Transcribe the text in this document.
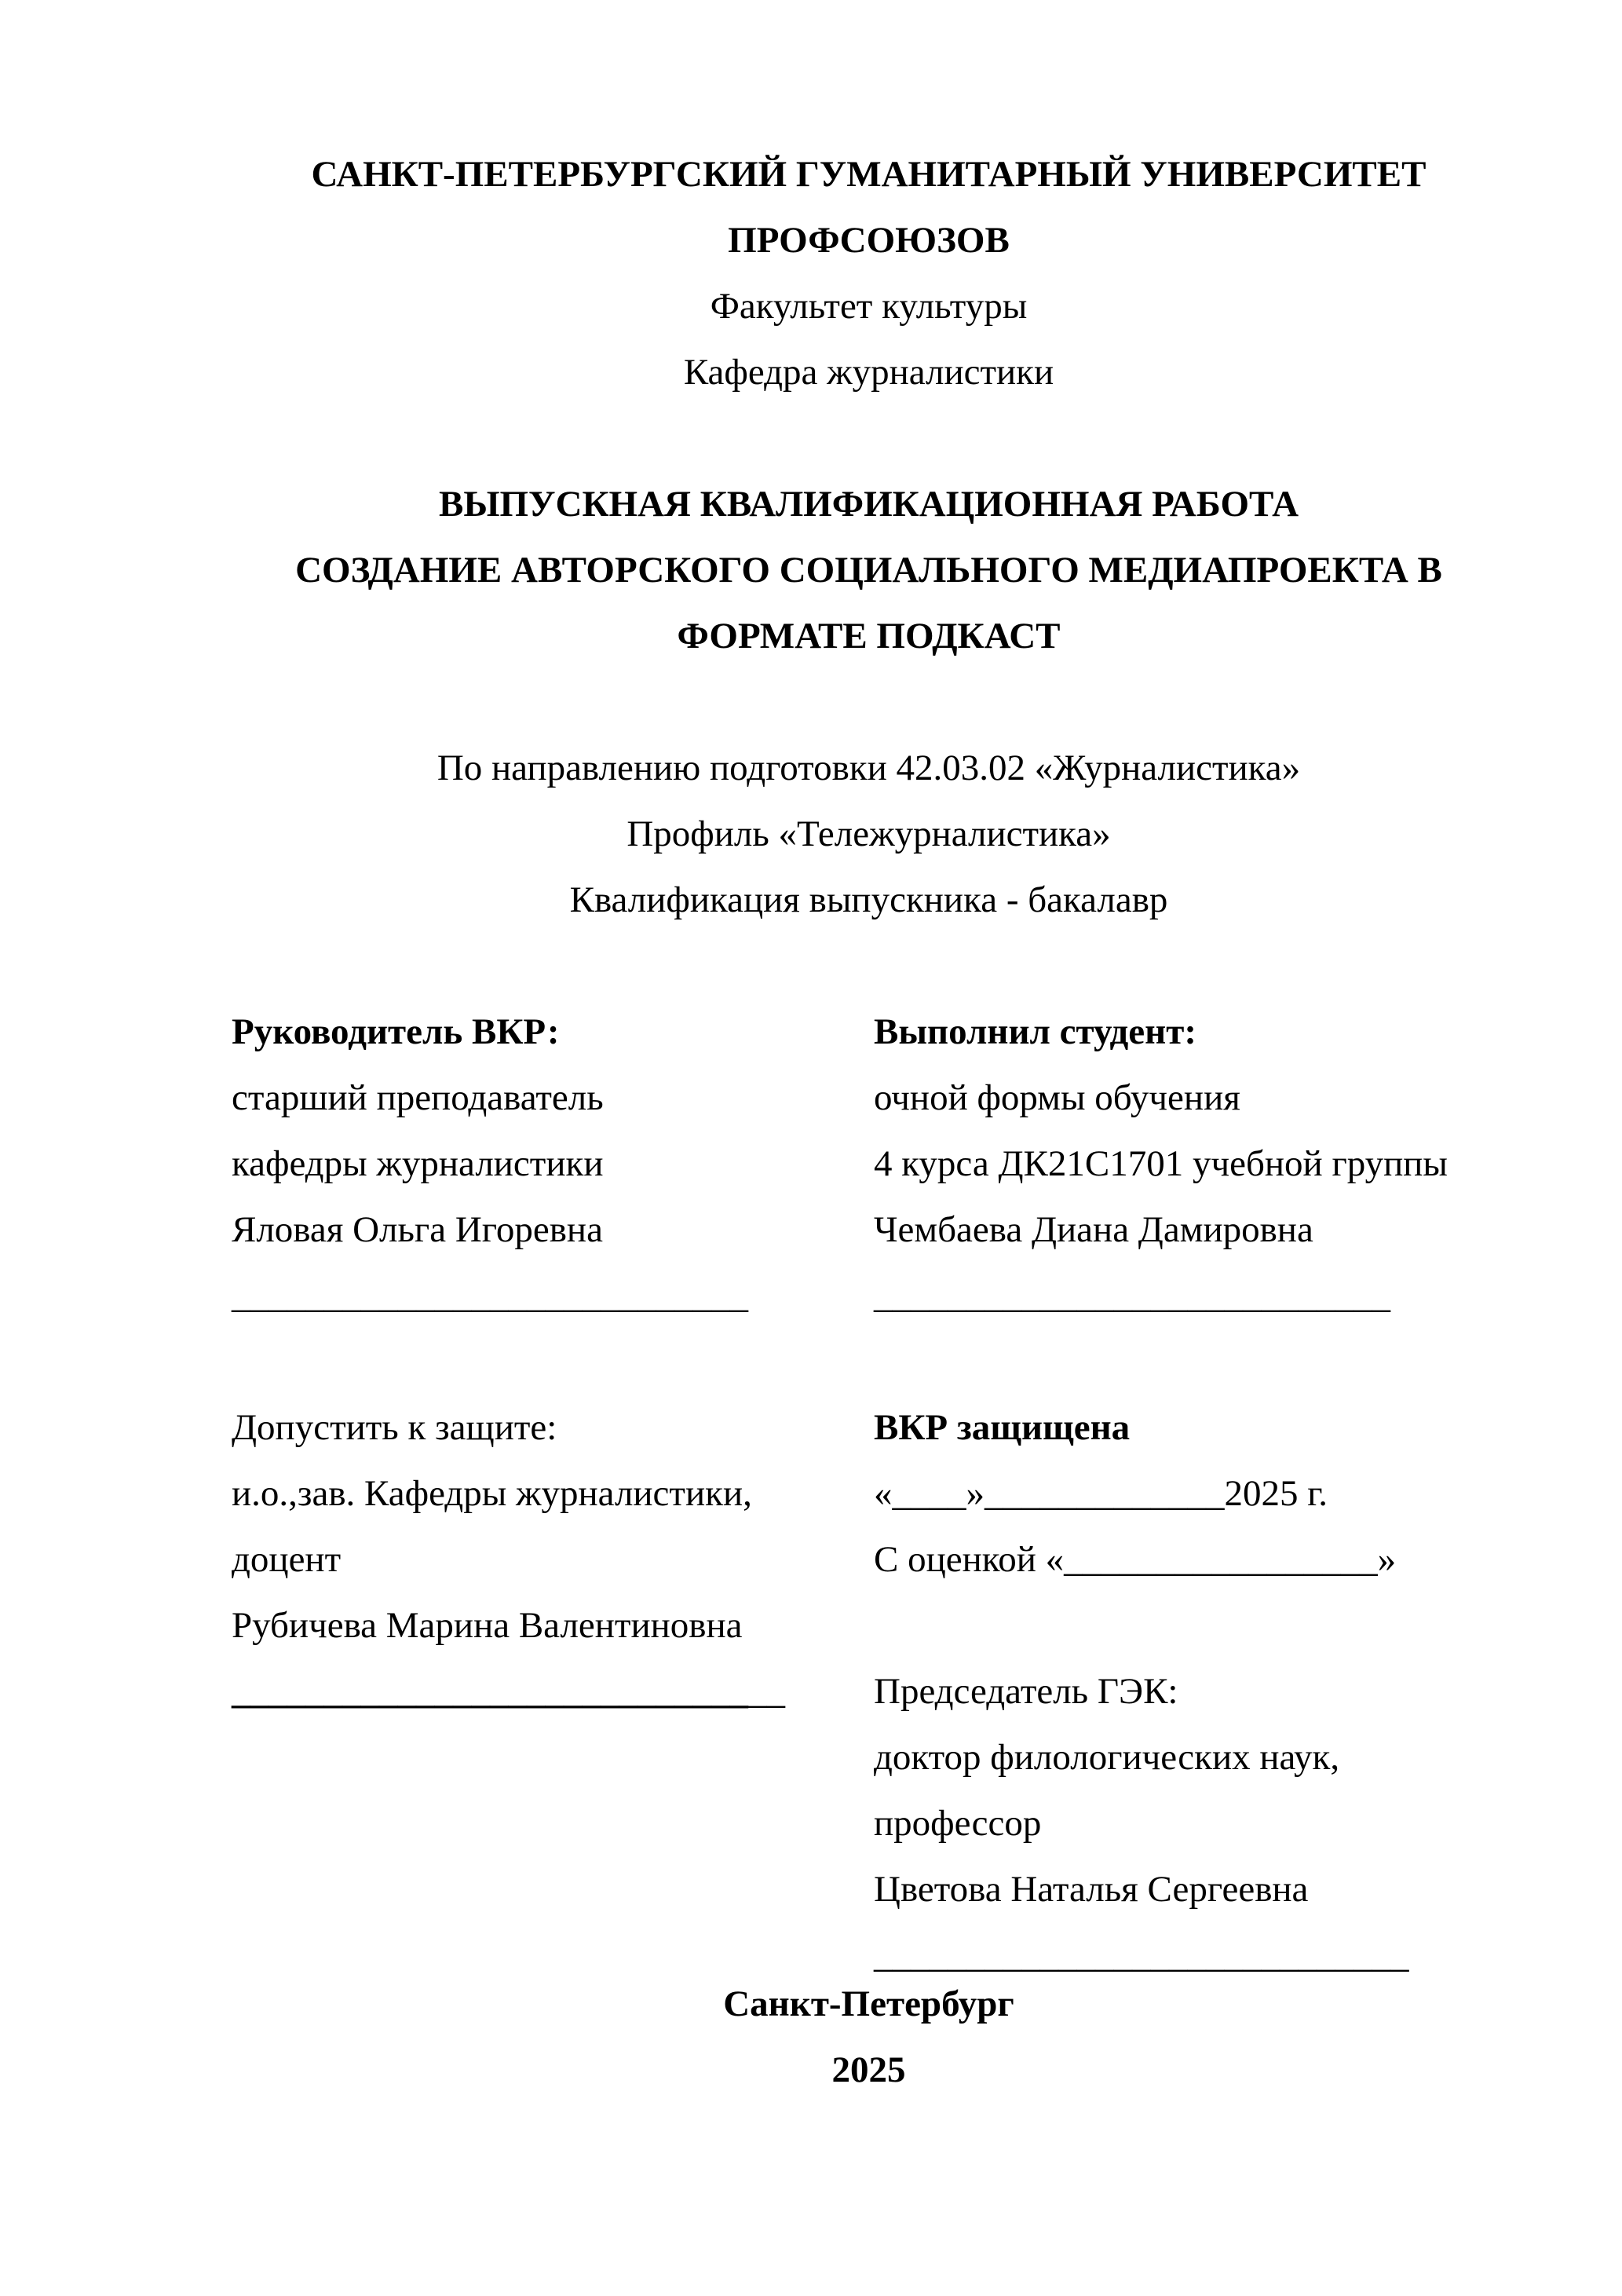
САНКТ-ПЕТЕРБУРГСКИЙ ГУМАНИТАРНЫЙ УНИВЕРСИТЕТ
ПРОФСОЮЗОВ
Факультет культуры
Кафедра журналистики
ВЫПУСКНАЯ КВАЛИФИКАЦИОННАЯ РАБОТА
СОЗДАНИЕ АВТОРСКОГО СОЦИАЛЬНОГО МЕДИАПРОЕКТА В
ФОРМАТЕ ПОДКАСТ
По направлению подготовки 42.03.02 «Журналистика»
Профиль «Тележурналистика»
Квалификация выпускника - бакалавр
Руководитель ВКР:
старший преподаватель
кафедры журналистики
Яловая Ольга Игоревна
____________________________
Выполнил студент:
очной формы обучения
4 курса ДК21С1701 учебной группы
Чембаева Диана Дамировна
____________________________
Допустить к защите:
и.о.,зав. Кафедры журналистики,
доцент
Рубичева Марина Валентиновна
______________________________
ВКР защищена
«____»_____________2025 г.
С оценкой «_________________»

Председатель ГЭК:
доктор филологических наук,
профессор
Цветова Наталья Сергеевна
_____________________________
Санкт-Петербург
2025
